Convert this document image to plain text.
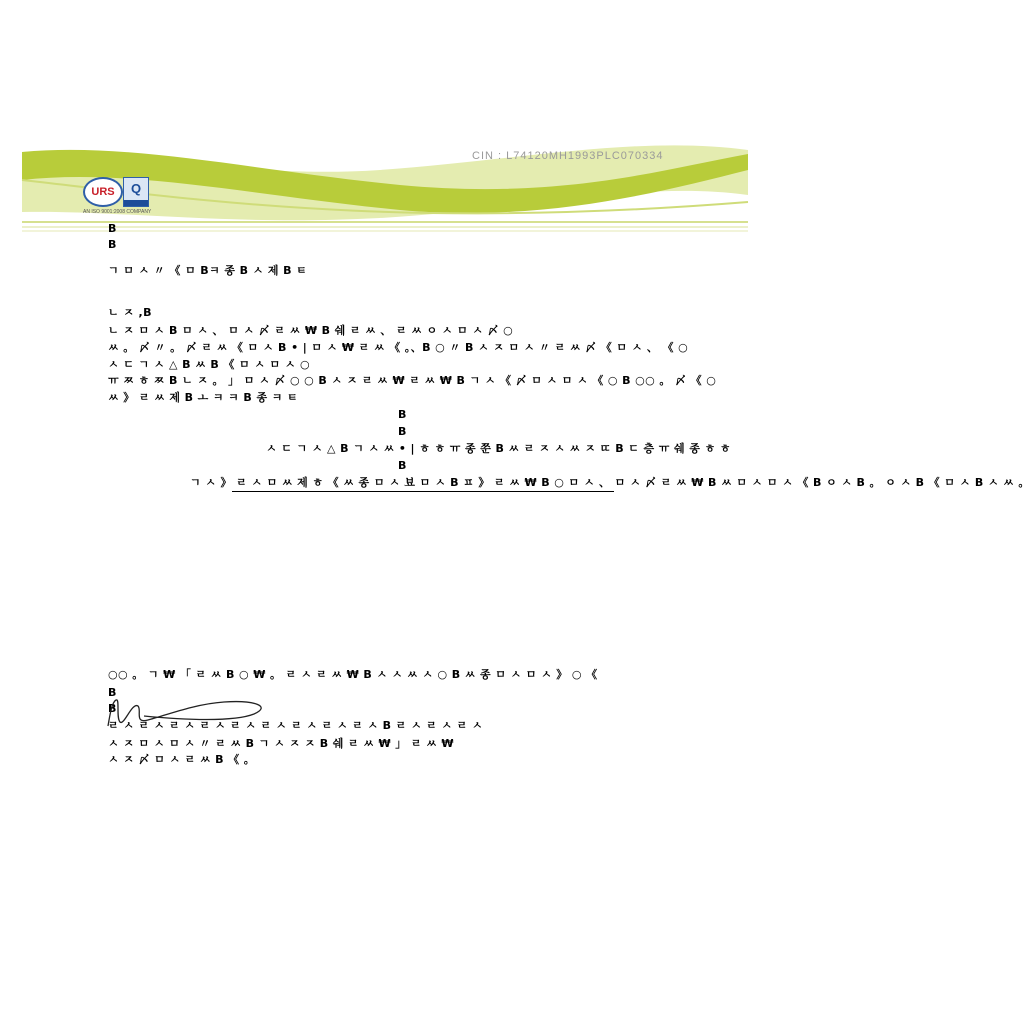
CIN : L74120MH1993PLC070334
URS	Q
AN ISO 9001:2008 COMPANY
B
B
ㄱ ㅁ ㅅ 〃 《 ㅁ Bㅋ 종 B ㅅ 제 B ㅌ
ㄴ ㅈ ,B
ㄴ ㅈ ㅁ ㅅ B ㅁ ㅅ 、 ㅁ ㅅ 〆 ㄹ ㅆ ₩ B 쉐 ㄹ ㅆ 、 ㄹ ㅆ ㅇ ㅅ ㅁ ㅅ 〆 ○
ㅆ 。 〆 〃 。 〆 ㄹ ㅆ 《 ㅁ ㅅ B • | ㅁ ㅅ ₩ ㄹ ㅆ 《 。、B ○ 〃 B ㅅ ㅈ ㅁ ㅅ 〃 ㄹ ㅆ 〆 《 ㅁ ㅅ 、 《 ○
ㅅ ㄷ ㄱ ㅅ △ B ㅆ B 《 ㅁ ㅅ ㅁ ㅅ ○
ㅠ ㅉ ㅎ ㅉ B ㄴ ㅈ 。 」 ㅁ ㅅ 〆 ○ ○ B ㅅ ㅈ ㄹ ㅆ ₩ ㄹ ㅆ ₩ B ㄱ ㅅ 《 〆 ㅁ ㅅ ㅁ ㅅ 《 ○ B ○○ 。 〆 《 ○
ㅆ 》 ㄹ ㅆ 제 B ㅗ ㅋ ㅋ B 종 ㅋ ㅌ
B
B
ㅅ ㄷ ㄱ ㅅ △ B ㄱ ㅅ ㅆ • | ㅎ ㅎ ㅠ 종 쭌 B ㅆ ㄹ ㅈ ㅅ ㅆ ㅈ ㄸ B ㄷ 층 ㅠ 쉐 종 ㅎ ㅎ
B
ㄱ ㅅ 》 ㄹ ㅅ ㅁ ㅆ 제 ㅎ 《 ㅆ 종 ㅁ ㅅ 뵤 ㅁ ㅅ B ㅍ 》 ㄹ ㅆ ₩ B ○ ㅁ ㅅ 、 ㅁ ㅅ 〆 ㄹ ㅆ ₩ B ㅆ ㅁ ㅅ ㅁ ㅅ 《 B ㅇ ㅅ B 。 ㅇ ㅅ B 《 ㅁ ㅅ B ㅅ ㅆ 。
○○ 。 ㄱ ₩ 「 ㄹ ㅆ B ○ ₩ 。 ㄹ ㅅ ㄹ ㅆ ₩ B ㅅ ㅅ ㅆ ㅅ ○ B ㅆ 종 ㅁ ㅅ ㅁ ㅅ 》 ○ 《
B
B
ㄹ ㅅ ㄹ ㅅ ㄹ ㅅ ㄹ ㅅ ㄹ ㅅ ㄹ ㅅ ㄹ ㅅ ㄹ ㅅ ㄹ ㅅ B ㄹ ㅅ ㄹ ㅅ ㄹ ㅅ
ㅅ ㅈ ㅁ ㅅ ㅁ ㅅ 〃 ㄹ ㅆ B ㄱ ㅅ ㅈ ㅈ B 쉐 ㄹ ㅆ ₩ 」 ㄹ ㅆ ₩
ㅅ ㅈ 〆 ㅁ ㅅ ㄹ ㅆ B 《 。
